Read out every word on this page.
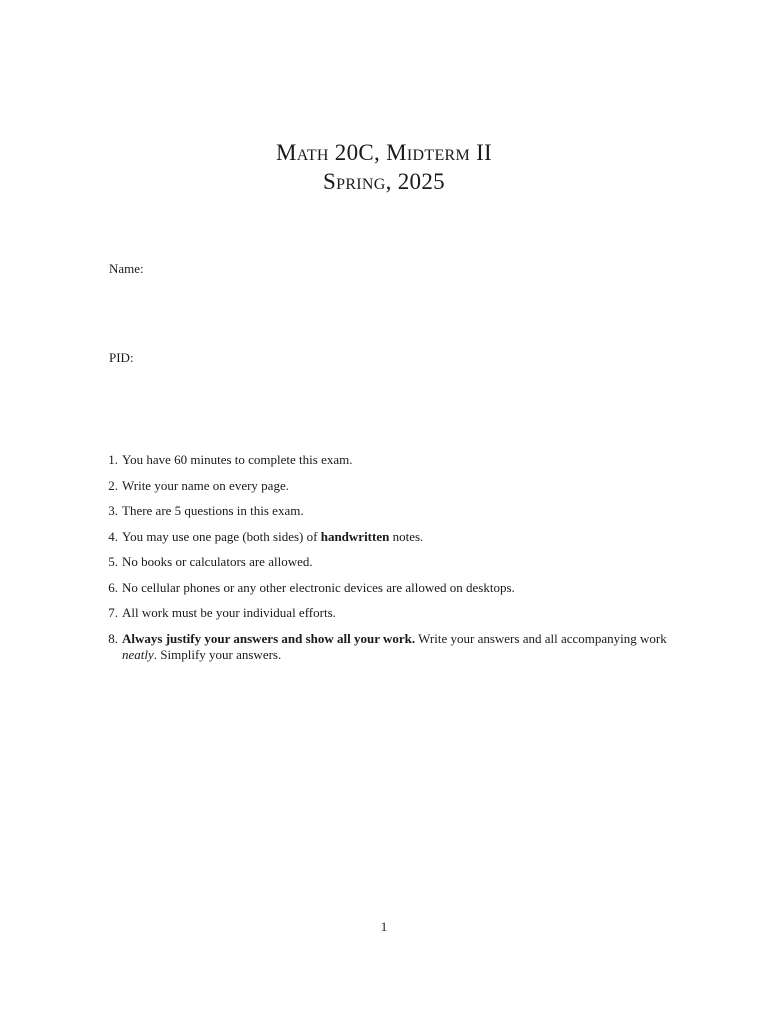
Math 20C, Midterm II
Spring, 2025

Name:

PID:

1. You have 60 minutes to complete this exam.
2. Write your name on every page.
3. There are 5 questions in this exam.
4. You may use one page (both sides) of handwritten notes.
5. No books or calculators are allowed.
6. No cellular phones or any other electronic devices are allowed on desktops.
7. All work must be your individual efforts.
8. Always justify your answers and show all your work. Write your answers and all accompanying work neatly. Simplify your answers.

1
